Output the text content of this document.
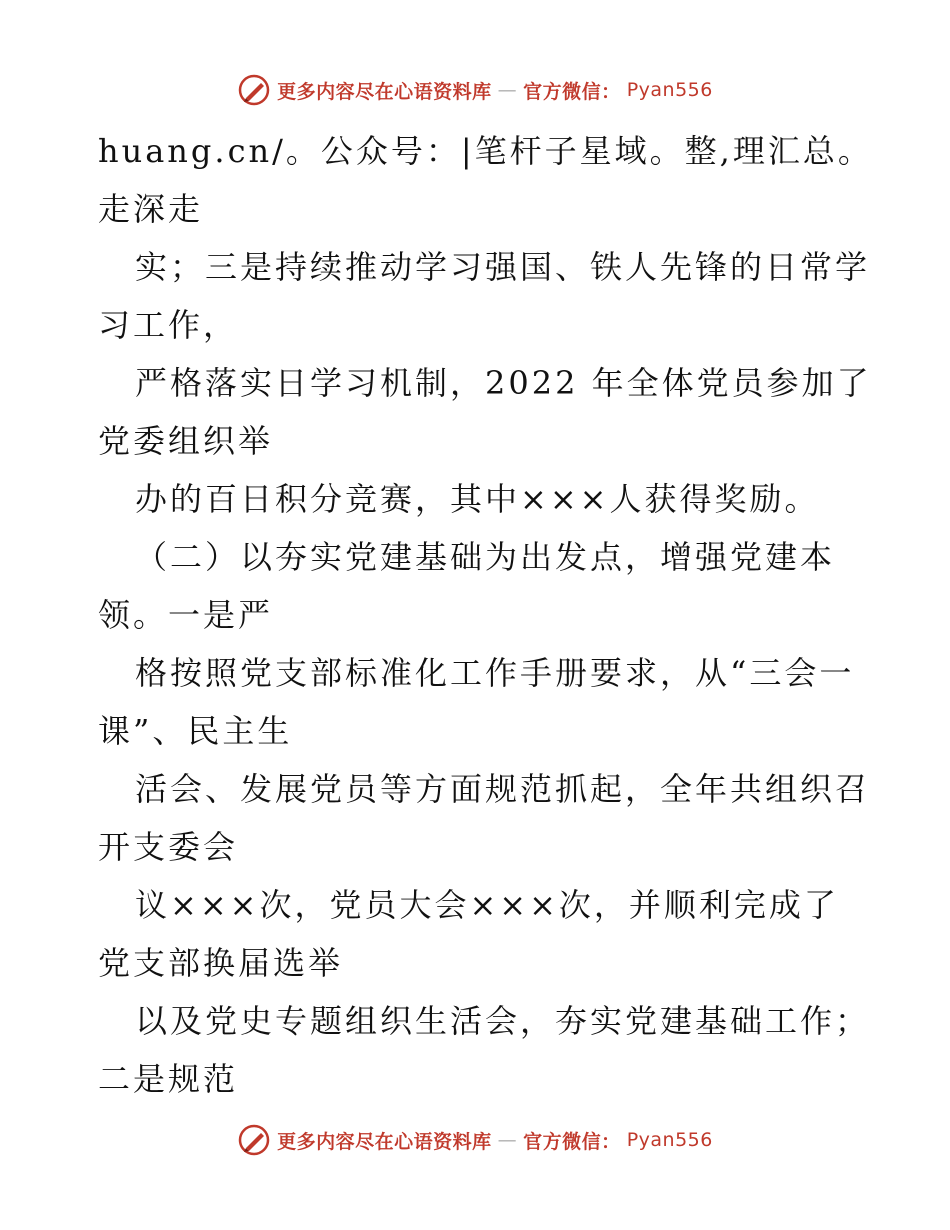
更多内容尽在心语资料库 — 官方微信： Pyan556
huang.cn/。公众号：|笔杆子星域。整,理汇总。
走深走
实；三是持续推动学习强国、铁人先锋的日常学
习工作，
严格落实日学习机制，2022 年全体党员参加了
党委组织举
办的百日积分竞赛，其中×××人获得奖励。
（二）以夯实党建基础为出发点，增强党建本
领。一是严
格按照党支部标准化工作手册要求，从“三会一
课”、民主生
活会、发展党员等方面规范抓起，全年共组织召
开支委会
议×××次，党员大会×××次，并顺利完成了
党支部换届选举
以及党史专题组织生活会，夯实党建基础工作；
二是规范
更多内容尽在心语资料库 — 官方微信： Pyan556
